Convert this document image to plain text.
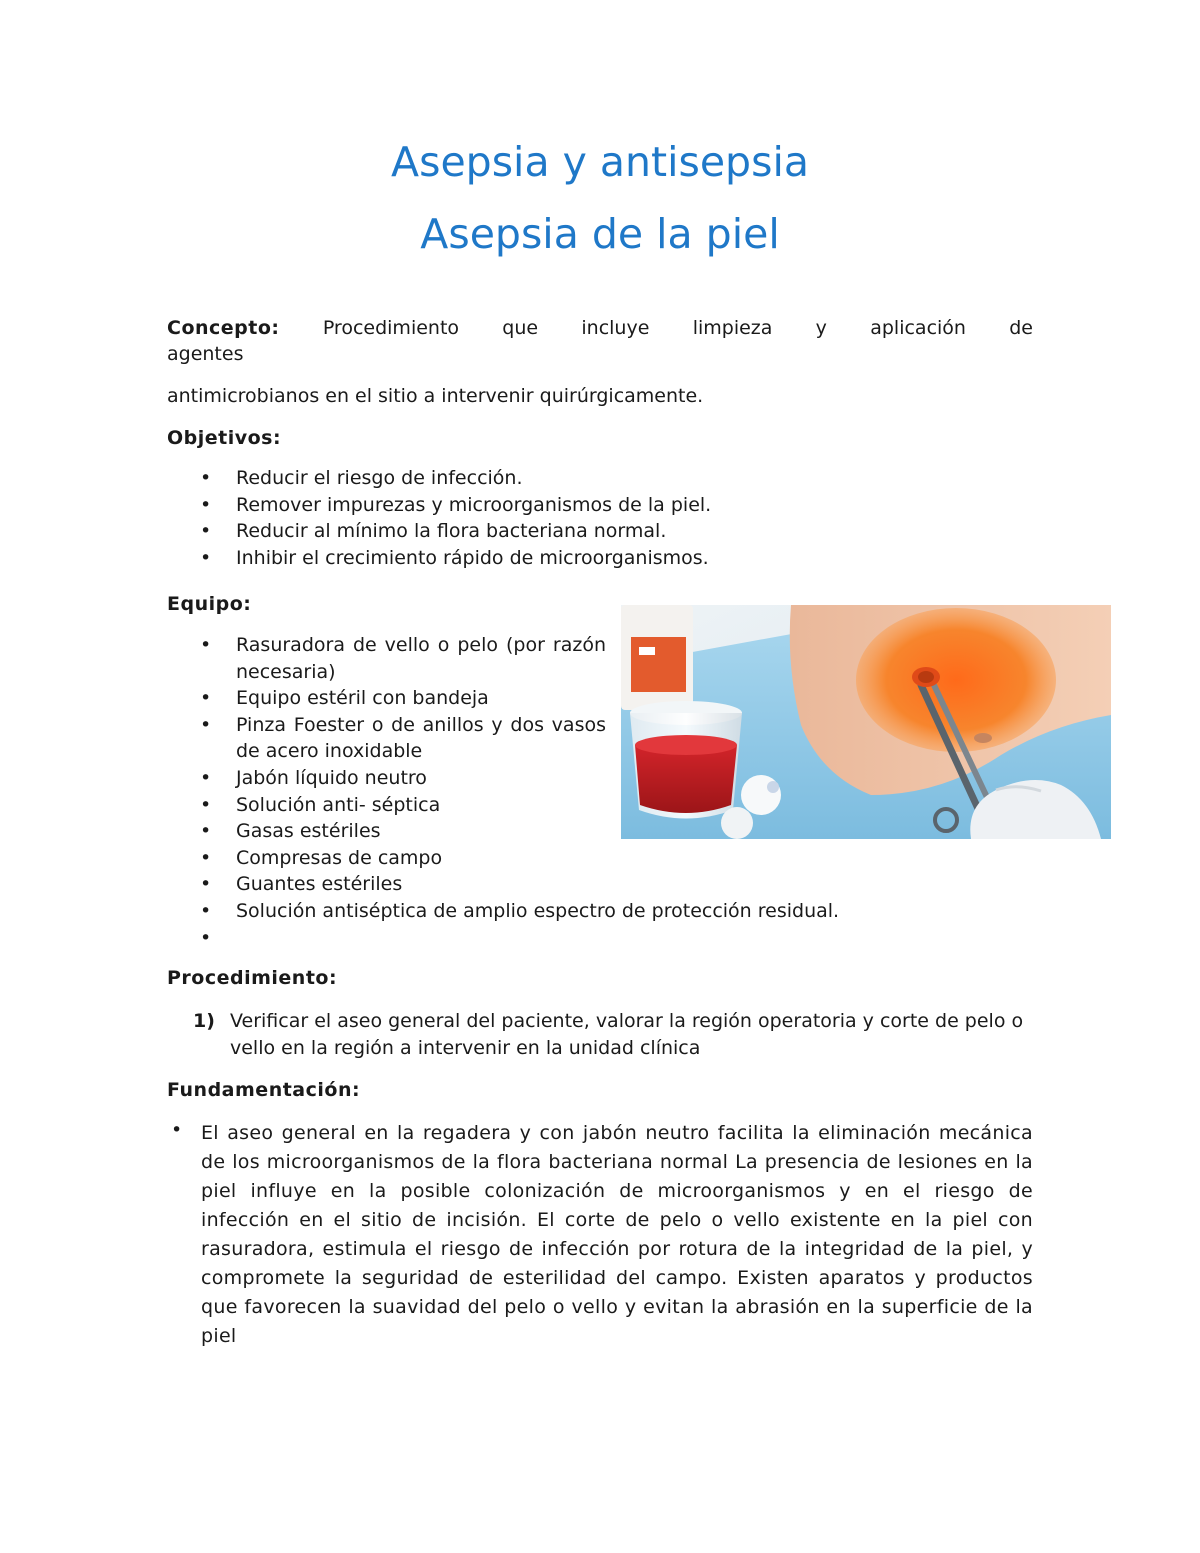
Asepsia y antisepsia
Asepsia de la piel
Concepto: Procedimiento que incluye limpieza y aplicación de
agentes
antimicrobianos en el sitio a intervenir quirúrgicamente.
Objetivos:
• Reducir el riesgo de infección.
• Remover impurezas y microorganismos de la piel.
• Reducir al mínimo la flora bacteriana normal.
• Inhibir el crecimiento rápido de microorganismos.
Equipo:
• Rasuradora de vello o pelo (por razón necesaria)
• Equipo estéril con bandeja
• Pinza Foester o de anillos y dos vasos de acero inoxidable
• Jabón líquido neutro
• Solución anti- séptica
• Gasas estériles
• Compresas de campo
• Guantes estériles
• Solución antiséptica de amplio espectro de protección residual.
•
Procedimiento:
1) Verificar el aseo general del paciente, valorar la región operatoria y corte de pelo o vello en la región a intervenir en la unidad clínica
Fundamentación:
• El aseo general en la regadera y con jabón neutro facilita la eliminación mecánica de los microorganismos de la flora bacteriana normal La presencia de lesiones en la piel influye en la posible colonización de microorganismos y en el riesgo de infección en el sitio de incisión. El corte de pelo o vello existente en la piel con rasuradora, estimula el riesgo de infección por rotura de la integridad de la piel, y compromete la seguridad de esterilidad del campo. Existen aparatos y productos que favorecen la suavidad del pelo o vello y evitan la abrasión en la superficie de la piel
